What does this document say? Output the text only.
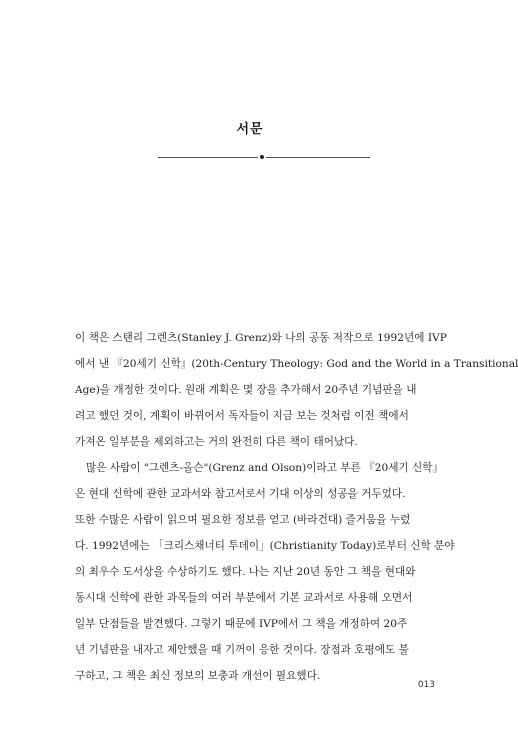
서문
이 책은 스탠리 그렌츠(Stanley J. Grenz)와 나의 공동 저작으로 1992년에 IVP
에서 낸 『20세기 신학』(20th-Century Theology: God and the World in a Transitional
Age)을 개정한 것이다. 원래 계획은 몇 장을 추가해서 20주년 기념판을 내
려고 했던 것이, 계획이 바뀌어서 독자들이 지금 보는 것처럼 이전 책에서
가져온 일부분을 제외하고는 거의 완전히 다른 책이 태어났다.
많은 사람이 "그렌츠-올슨"(Grenz and Olson)이라고 부른 『20세기 신학』
은 현대 신학에 관한 교과서와 참고서로서 기대 이상의 성공을 거두었다.
또한 수많은 사람이 읽으며 필요한 정보를 얻고 (바라건대) 즐거움을 누렸
다. 1992년에는 「크리스채너티 투데이」(Christianity Today)로부터 신학 분야
의 최우수 도서상을 수상하기도 했다. 나는 지난 20년 동안 그 책을 현대와
동시대 신학에 관한 과목들의 여러 부분에서 기본 교과서로 사용해 오면서
일부 단점들을 발견했다. 그렇기 때문에 IVP에서 그 책을 개정하여 20주
년 기념판을 내자고 제안했을 때 기꺼이 응한 것이다. 장점과 호평에도 불
구하고, 그 책은 최신 정보의 보충과 개선이 필요했다.
013
